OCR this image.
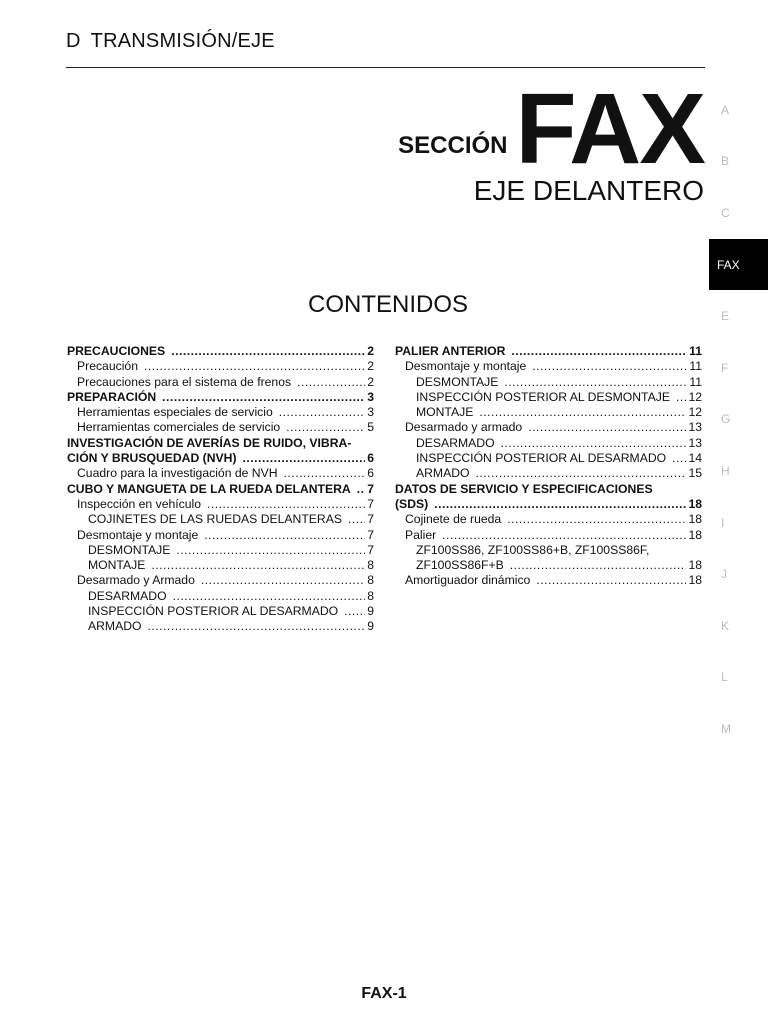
D TRANSMISIÓN/EJE
SECCIÓN FAX
EJE DELANTERO
CONTENIDOS
PRECAUCIONES .....	2
Precaución .....	2
Precauciones para el sistema de frenos .....	2
PREPARACIÓN .....	3
Herramientas especiales de servicio .....	3
Herramientas comerciales de servicio .....	5
INVESTIGACIÓN DE AVERÍAS DE RUIDO, VIBRA-
CIÓN Y BRUSQUEDAD (NVH) .....	6
Cuadro para la investigación de NVH .....	6
CUBO Y MANGUETA DE LA RUEDA DELANTERA ..... 7
Inspección en vehículo .....	7
COJINETES DE LAS RUEDAS DELANTERAS ..... 7
Desmontaje y montaje .....	7
DESMONTAJE .....	7
MONTAJE .....	8
Desarmado y Armado .....	8
DESARMADO .....	8
INSPECCIÓN POSTERIOR AL DESARMADO ..... 9
ARMADO .....	9
PALIER ANTERIOR .....	11
Desmontaje y montaje .....	11
DESMONTAJE .....	11
INSPECCIÓN POSTERIOR AL DESMONTAJE ..... 12
MONTAJE .....	12
Desarmado y armado .....	13
DESARMADO .....	13
INSPECCIÓN POSTERIOR AL DESARMADO ..... 14
ARMADO .....	15
DATOS DE SERVICIO Y ESPECIFICACIONES
(SDS) .....	18
Cojinete de rueda .....	18
Palier .....	18
ZF100SS86, ZF100SS86+B, ZF100SS86F,
ZF100SS86F+B .....	18
Amortiguador dinámico .....	18
A
B
C
FAX
E
F
G
H
I
J
K
L
M
FAX-1
